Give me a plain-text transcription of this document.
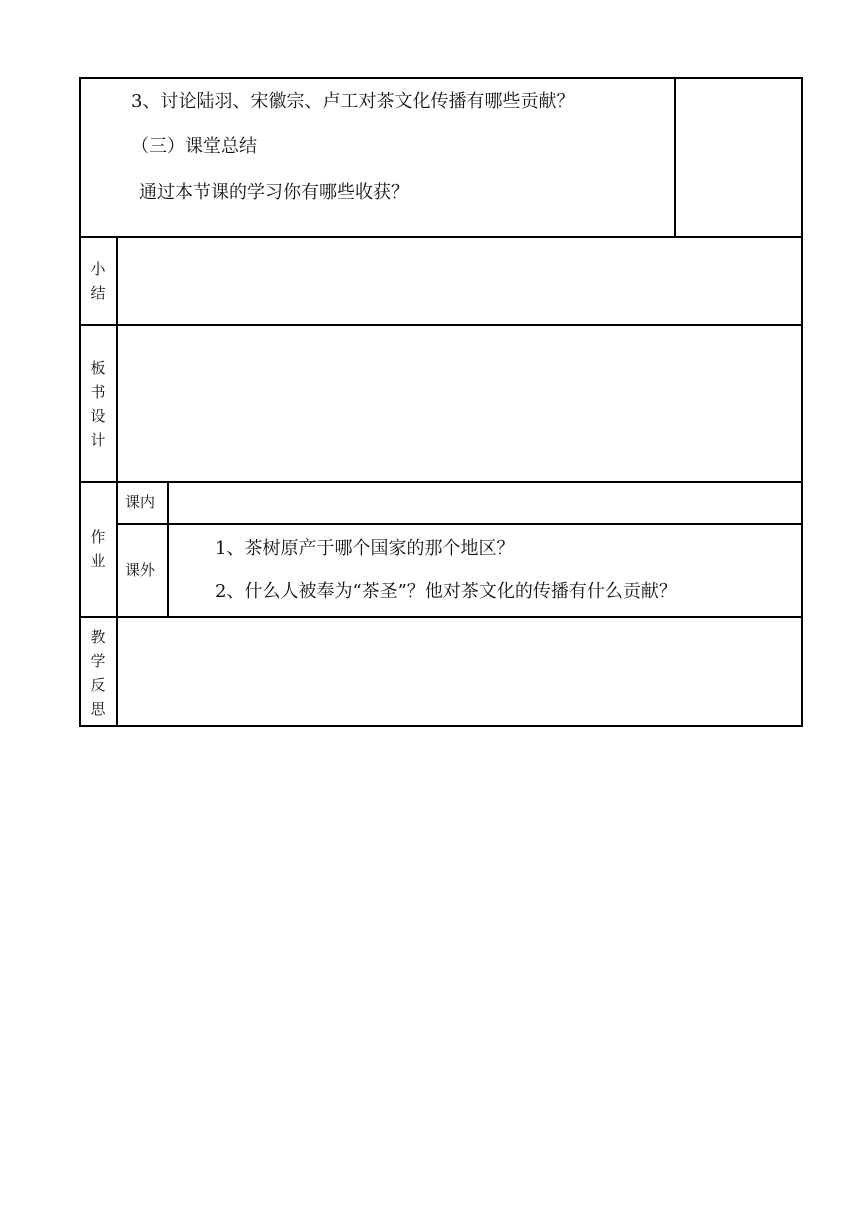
3、讨论陆羽、宋徽宗、卢工对茶文化传播有哪些贡献？
（三）课堂总结
通过本节课的学习你有哪些收获？
小
结
板
书
设
计
作
业
课内
课外
1、茶树原产于哪个国家的那个地区？
2、什么人被奉为“茶圣”？他对茶文化的传播有什么贡献？
教
学
反
思
